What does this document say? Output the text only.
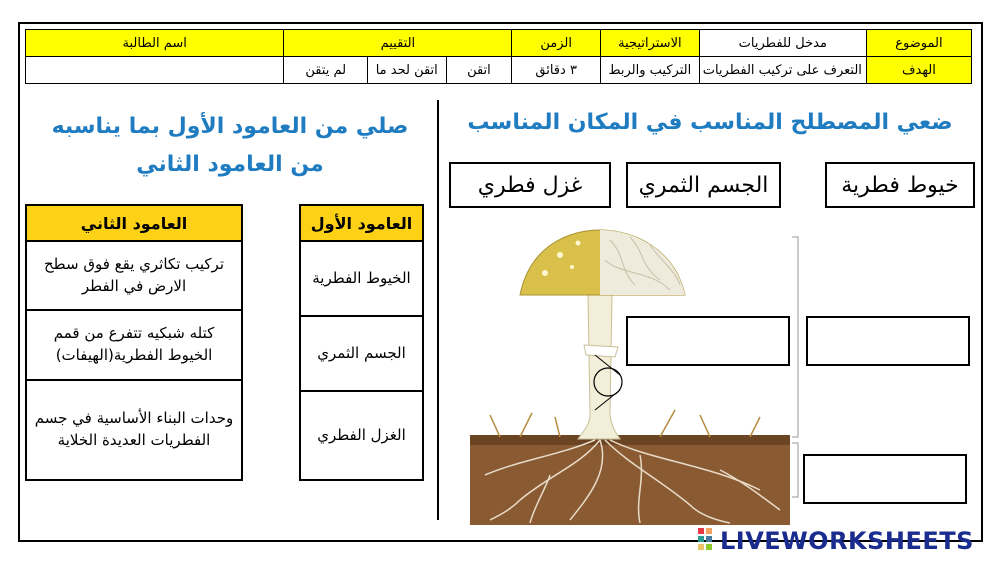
الموضوع	مدخل للفطريات	الاستراتيجية	الزمن	التقييم			اسم الطالبة
الهدف	التعرف على تركيب الفطريات	التركيب والربط	٣ دقائق	اتقن	اتقن لحد ما	لم يتقن	
ضعي المصطلح المناسب في المكان المناسب
خيوط فطرية
الجسم الثمري
غزل فطري
صلي من العامود الأول بما يناسبه
من العامود الثاني
العامود الأول
الخيوط الفطرية
الجسم الثمري
الغزل الفطري
العامود الثاني
تركيب تكاثري يقع فوق سطح الارض في الفطر
كتله شبكيه تتفرع من قمم الخيوط الفطرية(الهيفات)
وحدات البناء الأساسية في جسم الفطريات العديدة الخلاية
LIVEWORKSHEETS
